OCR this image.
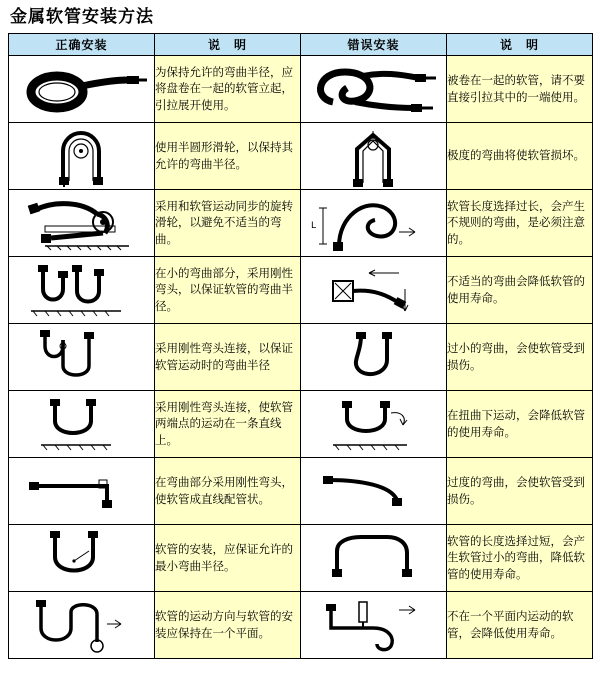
金属软管安装方法
正确安装	说　明	错误安装	说　明

	为保持允许的弯曲半径，应将盘卷在一起的软管立起，引拉展开使用。		被卷在一起的软管，请不要直接引拉其中的一端使用。

	使用半圆形滑轮，以保持其允许的弯曲半径。		极度的弯曲将使软管损坏。

	采用和软管运动同步的旋转滑轮，以避免不适当的弯曲。	L	软管长度选择过长，会产生不规则的弯曲，是必须注意的。

	在小的弯曲部分，采用刚性弯头，以保证软管的弯曲半径。		不适当的弯曲会降低软管的使用寿命。

	采用刚性弯头连接，以保证软管运动时的弯曲半径		过小的弯曲，会使软管受到损伤。

	采用刚性弯头连接，使软管两端点的运动在一条直线上。		在扭曲下运动，会降低软管的使用寿命。

	在弯曲部分采用刚性弯头，使软管成直线配管状。		过度的弯曲，会使软管受到损伤。

	软管的安装，应保证允许的最小弯曲半径。		软管的长度选择过短，会产生软管过小的弯曲，降低软管的使用寿命。

	软管的运动方向与软管的安装应保持在一个平面。		不在一个平面内运动的软管，会降低使用寿命。
